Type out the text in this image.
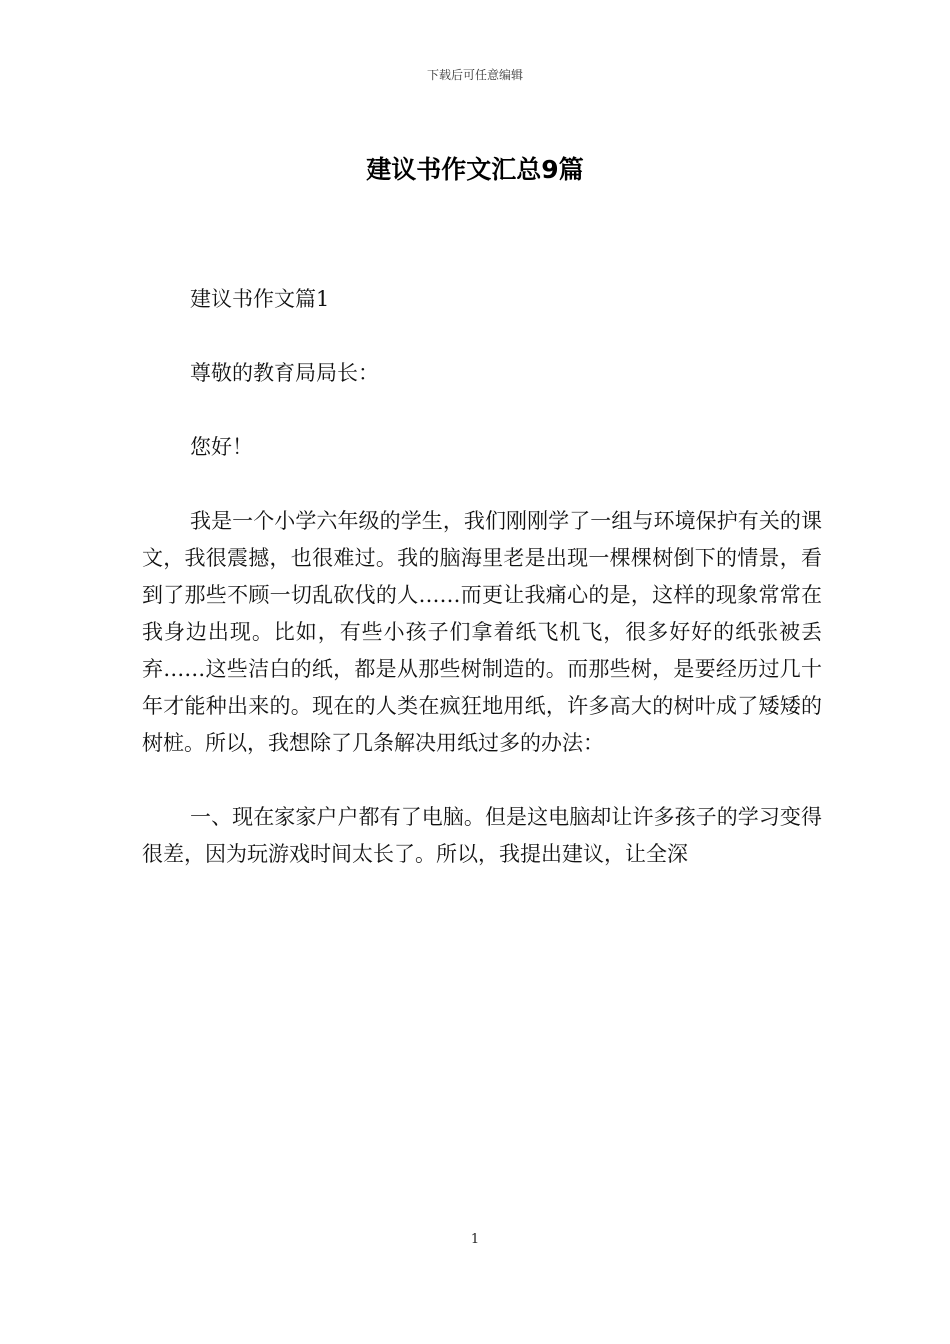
下载后可任意编辑
建议书作文汇总9篇

建议书作文篇1

尊敬的教育局局长：

您好！

我是一个小学六年级的学生，我们刚刚学了一组与环境保护有关的课文，我很震撼，也很难过。我的脑海里老是出现一棵棵树倒下的情景，看到了那些不顾一切乱砍伐的人……而更让我痛心的是，这样的现象常常在我身边出现。比如，有些小孩子们拿着纸飞机飞，很多好好的纸张被丢弃……这些洁白的纸，都是从那些树制造的。而那些树，是要经历过几十年才能种出来的。现在的人类在疯狂地用纸，许多高大的树叶成了矮矮的树桩。所以，我想除了几条解决用纸过多的办法：

一、现在家家户户都有了电脑。但是这电脑却让许多孩子的学习变得很差，因为玩游戏时间太长了。所以，我提出建议，让全深

1
